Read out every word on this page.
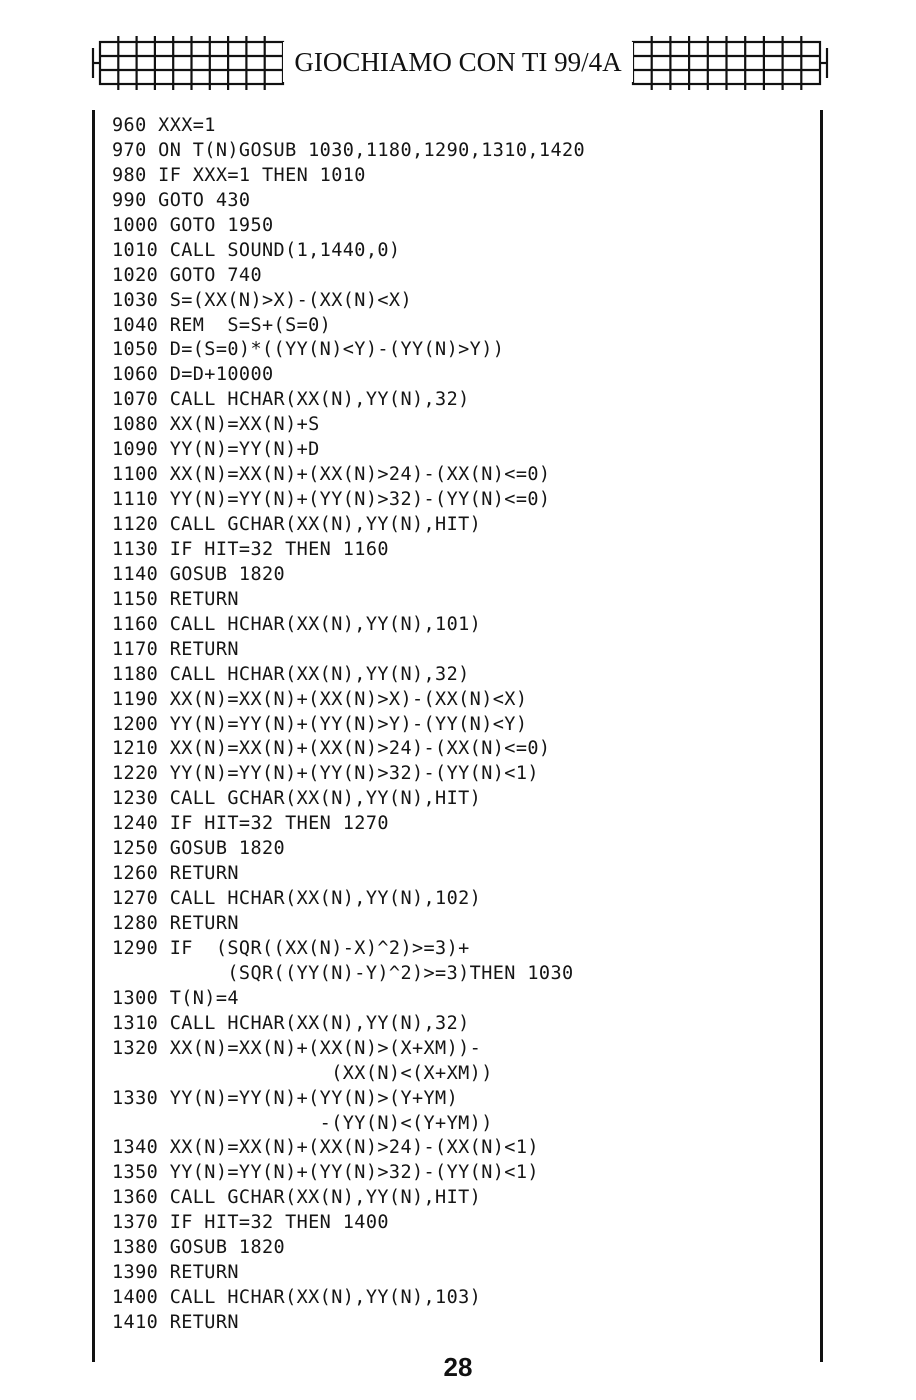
GIOCHIAMO CON TI 99/4A
960 XXX=1
970 ON T(N)GOSUB 1030,1180,1290,1310,1420
980 IF XXX=1 THEN 1010
990 GOTO 430
1000 GOTO 1950
1010 CALL SOUND(1,1440,0)
1020 GOTO 740
1030 S=(XX(N)>X)-(XX(N)<X)
1040 REM  S=S+(S=0)
1050 D=(S=0)*((YY(N)<Y)-(YY(N)>Y))
1060 D=D+10000
1070 CALL HCHAR(XX(N),YY(N),32)
1080 XX(N)=XX(N)+S
1090 YY(N)=YY(N)+D
1100 XX(N)=XX(N)+(XX(N)>24)-(XX(N)<=0)
1110 YY(N)=YY(N)+(YY(N)>32)-(YY(N)<=0)
1120 CALL GCHAR(XX(N),YY(N),HIT)
1130 IF HIT=32 THEN 1160
1140 GOSUB 1820
1150 RETURN
1160 CALL HCHAR(XX(N),YY(N),101)
1170 RETURN
1180 CALL HCHAR(XX(N),YY(N),32)
1190 XX(N)=XX(N)+(XX(N)>X)-(XX(N)<X)
1200 YY(N)=YY(N)+(YY(N)>Y)-(YY(N)<Y)
1210 XX(N)=XX(N)+(XX(N)>24)-(XX(N)<=0)
1220 YY(N)=YY(N)+(YY(N)>32)-(YY(N)<1)
1230 CALL GCHAR(XX(N),YY(N),HIT)
1240 IF HIT=32 THEN 1270
1250 GOSUB 1820
1260 RETURN
1270 CALL HCHAR(XX(N),YY(N),102)
1280 RETURN
1290 IF  (SQR((XX(N)-X)^2)>=3)+
(SQR((YY(N)-Y)^2)>=3)THEN 1030
1300 T(N)=4
1310 CALL HCHAR(XX(N),YY(N),32)
1320 XX(N)=XX(N)+(XX(N)>(X+XM))-
(XX(N)<(X+XM))
1330 YY(N)=YY(N)+(YY(N)>(Y+YM)
-(YY(N)<(Y+YM))
1340 XX(N)=XX(N)+(XX(N)>24)-(XX(N)<1)
1350 YY(N)=YY(N)+(YY(N)>32)-(YY(N)<1)
1360 CALL GCHAR(XX(N),YY(N),HIT)
1370 IF HIT=32 THEN 1400
1380 GOSUB 1820
1390 RETURN
1400 CALL HCHAR(XX(N),YY(N),103)
1410 RETURN
28
